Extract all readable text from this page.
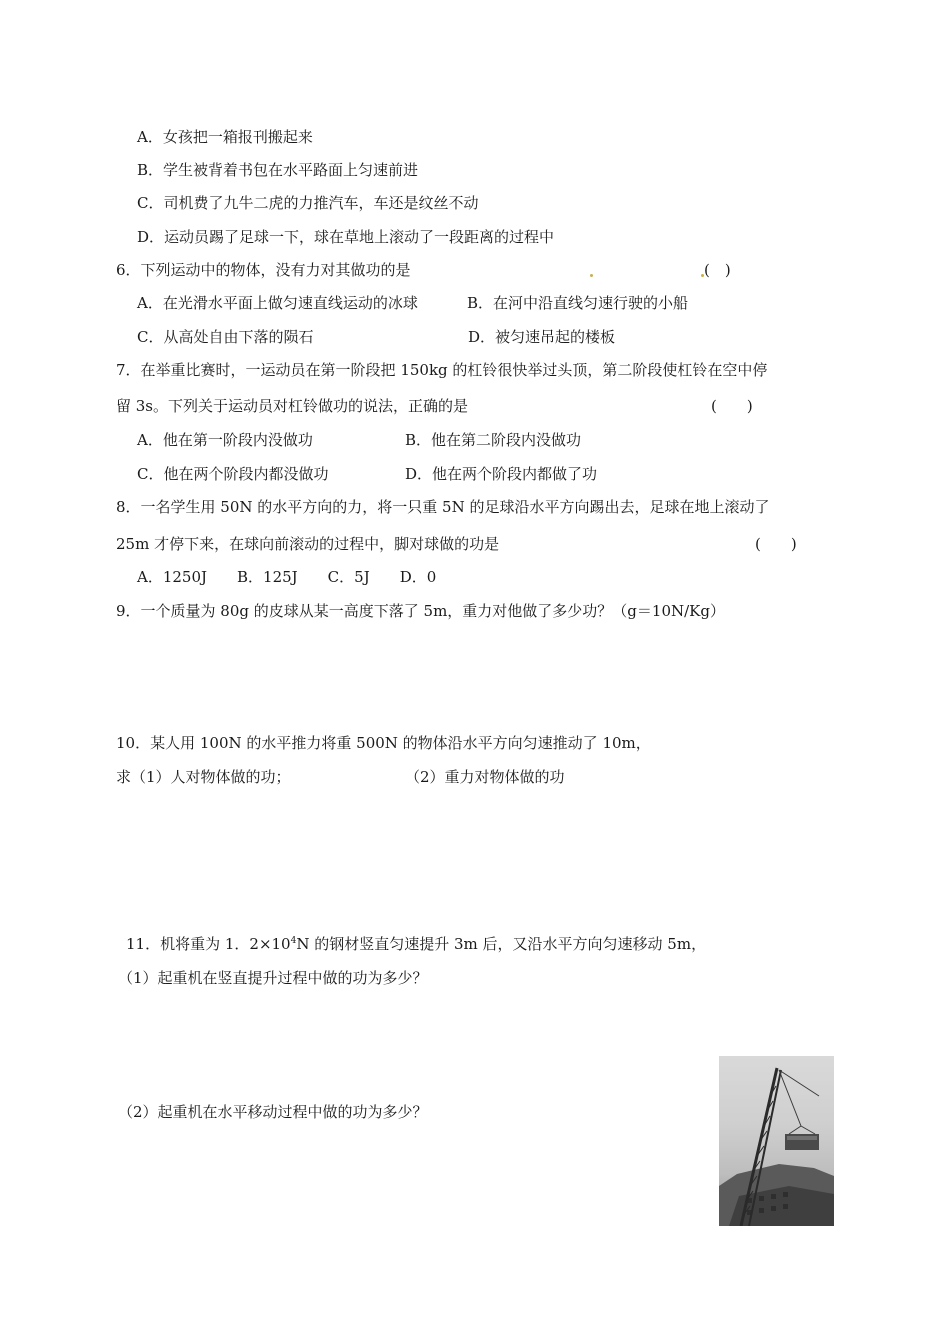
A．女孩把一箱报刊搬起来
B．学生被背着书包在水平路面上匀速前进
C．司机费了九牛二虎的力推汽车，车还是纹丝不动
D．运动员踢了足球一下，球在草地上滚动了一段距离的过程中
6．下列运动中的物体，没有力对其做功的是	(　)
A．在光滑水平面上做匀速直线运动的冰球	B．在河中沿直线匀速行驶的小船
C．从高处自由下落的陨石	D．被匀速吊起的楼板
7．在举重比赛时，一运动员在第一阶段把 150kg 的杠铃很快举过头顶，第二阶段使杠铃在空中停
留 3s。下列关于运动员对杠铃做功的说法，正确的是	(　　)
A．他在第一阶段内没做功	B．他在第二阶段内没做功
C．他在两个阶段内都没做功	D．他在两个阶段内都做了功
8．一名学生用 50N 的水平方向的力，将一只重 5N 的足球沿水平方向踢出去，足球在地上滚动了
25m 才停下来，在球向前滚动的过程中，脚对球做的功是	(　　)
A．1250J　　B．125J　　C．5J　　D．0
9．一个质量为 80g 的皮球从某一高度下落了 5m，重力对他做了多少功？（g＝10N/Kg）
10．某人用 100N 的水平推力将重 500N 的物体沿水平方向匀速推动了 10m，
求（1）人对物体做的功；	（2）重力对物体做的功
11．机将重为 1．$2\times 10^4N$ 的钢材竖直匀速提升 3m 后，又沿水平方向匀速移动 5m，
（1）起重机在竖直提升过程中做的功为多少？
（2）起重机在水平移动过程中做的功为多少？
